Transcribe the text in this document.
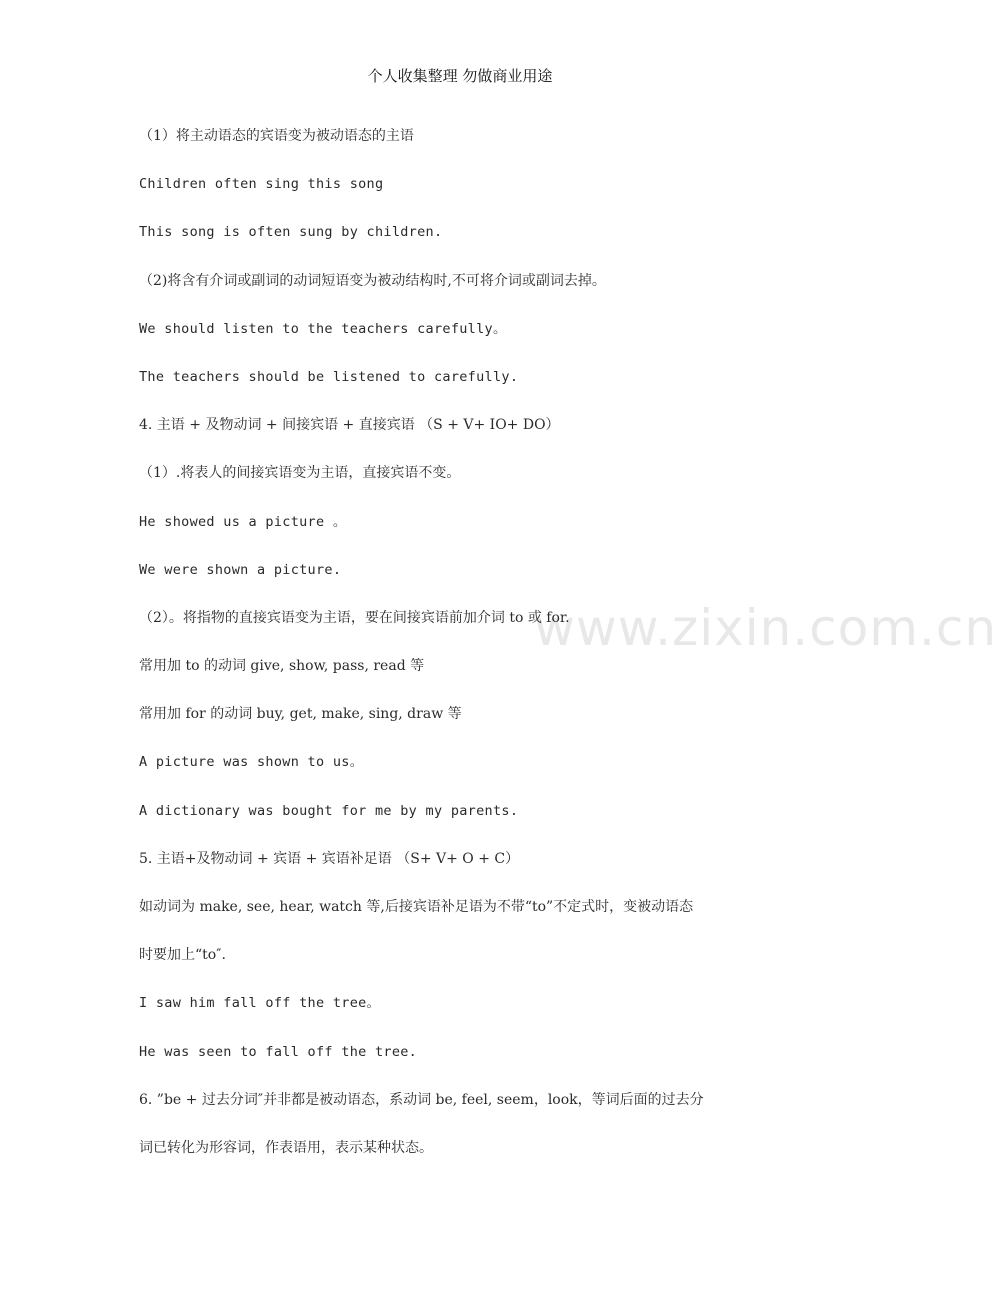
个人收集整理 勿做商业用途
www.zixin.com.cn
（1）将主动语态的宾语变为被动语态的主语
Children often sing this song
This song is often sung by children.
（2)将含有介词或副词的动词短语变为被动结构时,不可将介词或副词去掉。
We should listen to the teachers carefully。
The teachers should be listened to carefully.
4. 主语 + 及物动词 + 间接宾语 + 直接宾语 （S + V+ IO+ DO）
（1）.将表人的间接宾语变为主语，直接宾语不变。
He showed us a picture 。
We were shown a picture.
（2）。将指物的直接宾语变为主语，要在间接宾语前加介词 to 或 for.
常用加 to 的动词 give, show, pass, read 等
常用加 for 的动词 buy, get, make, sing, draw 等
A picture was shown to us。
A dictionary was bought for me by my parents.
5. 主语+及物动词 + 宾语 + 宾语补足语 （S+ V+ O + C）
如动词为 make, see, hear, watch 等,后接宾语补足语为不带“to”不定式时，变被动语态
时要加上“to″.
I saw him fall off the tree。
He was seen to fall off the tree.
6. ”be + 过去分词″并非都是被动语态，系动词 be, feel, seem，look，等词后面的过去分
词已转化为形容词，作表语用，表示某种状态。
